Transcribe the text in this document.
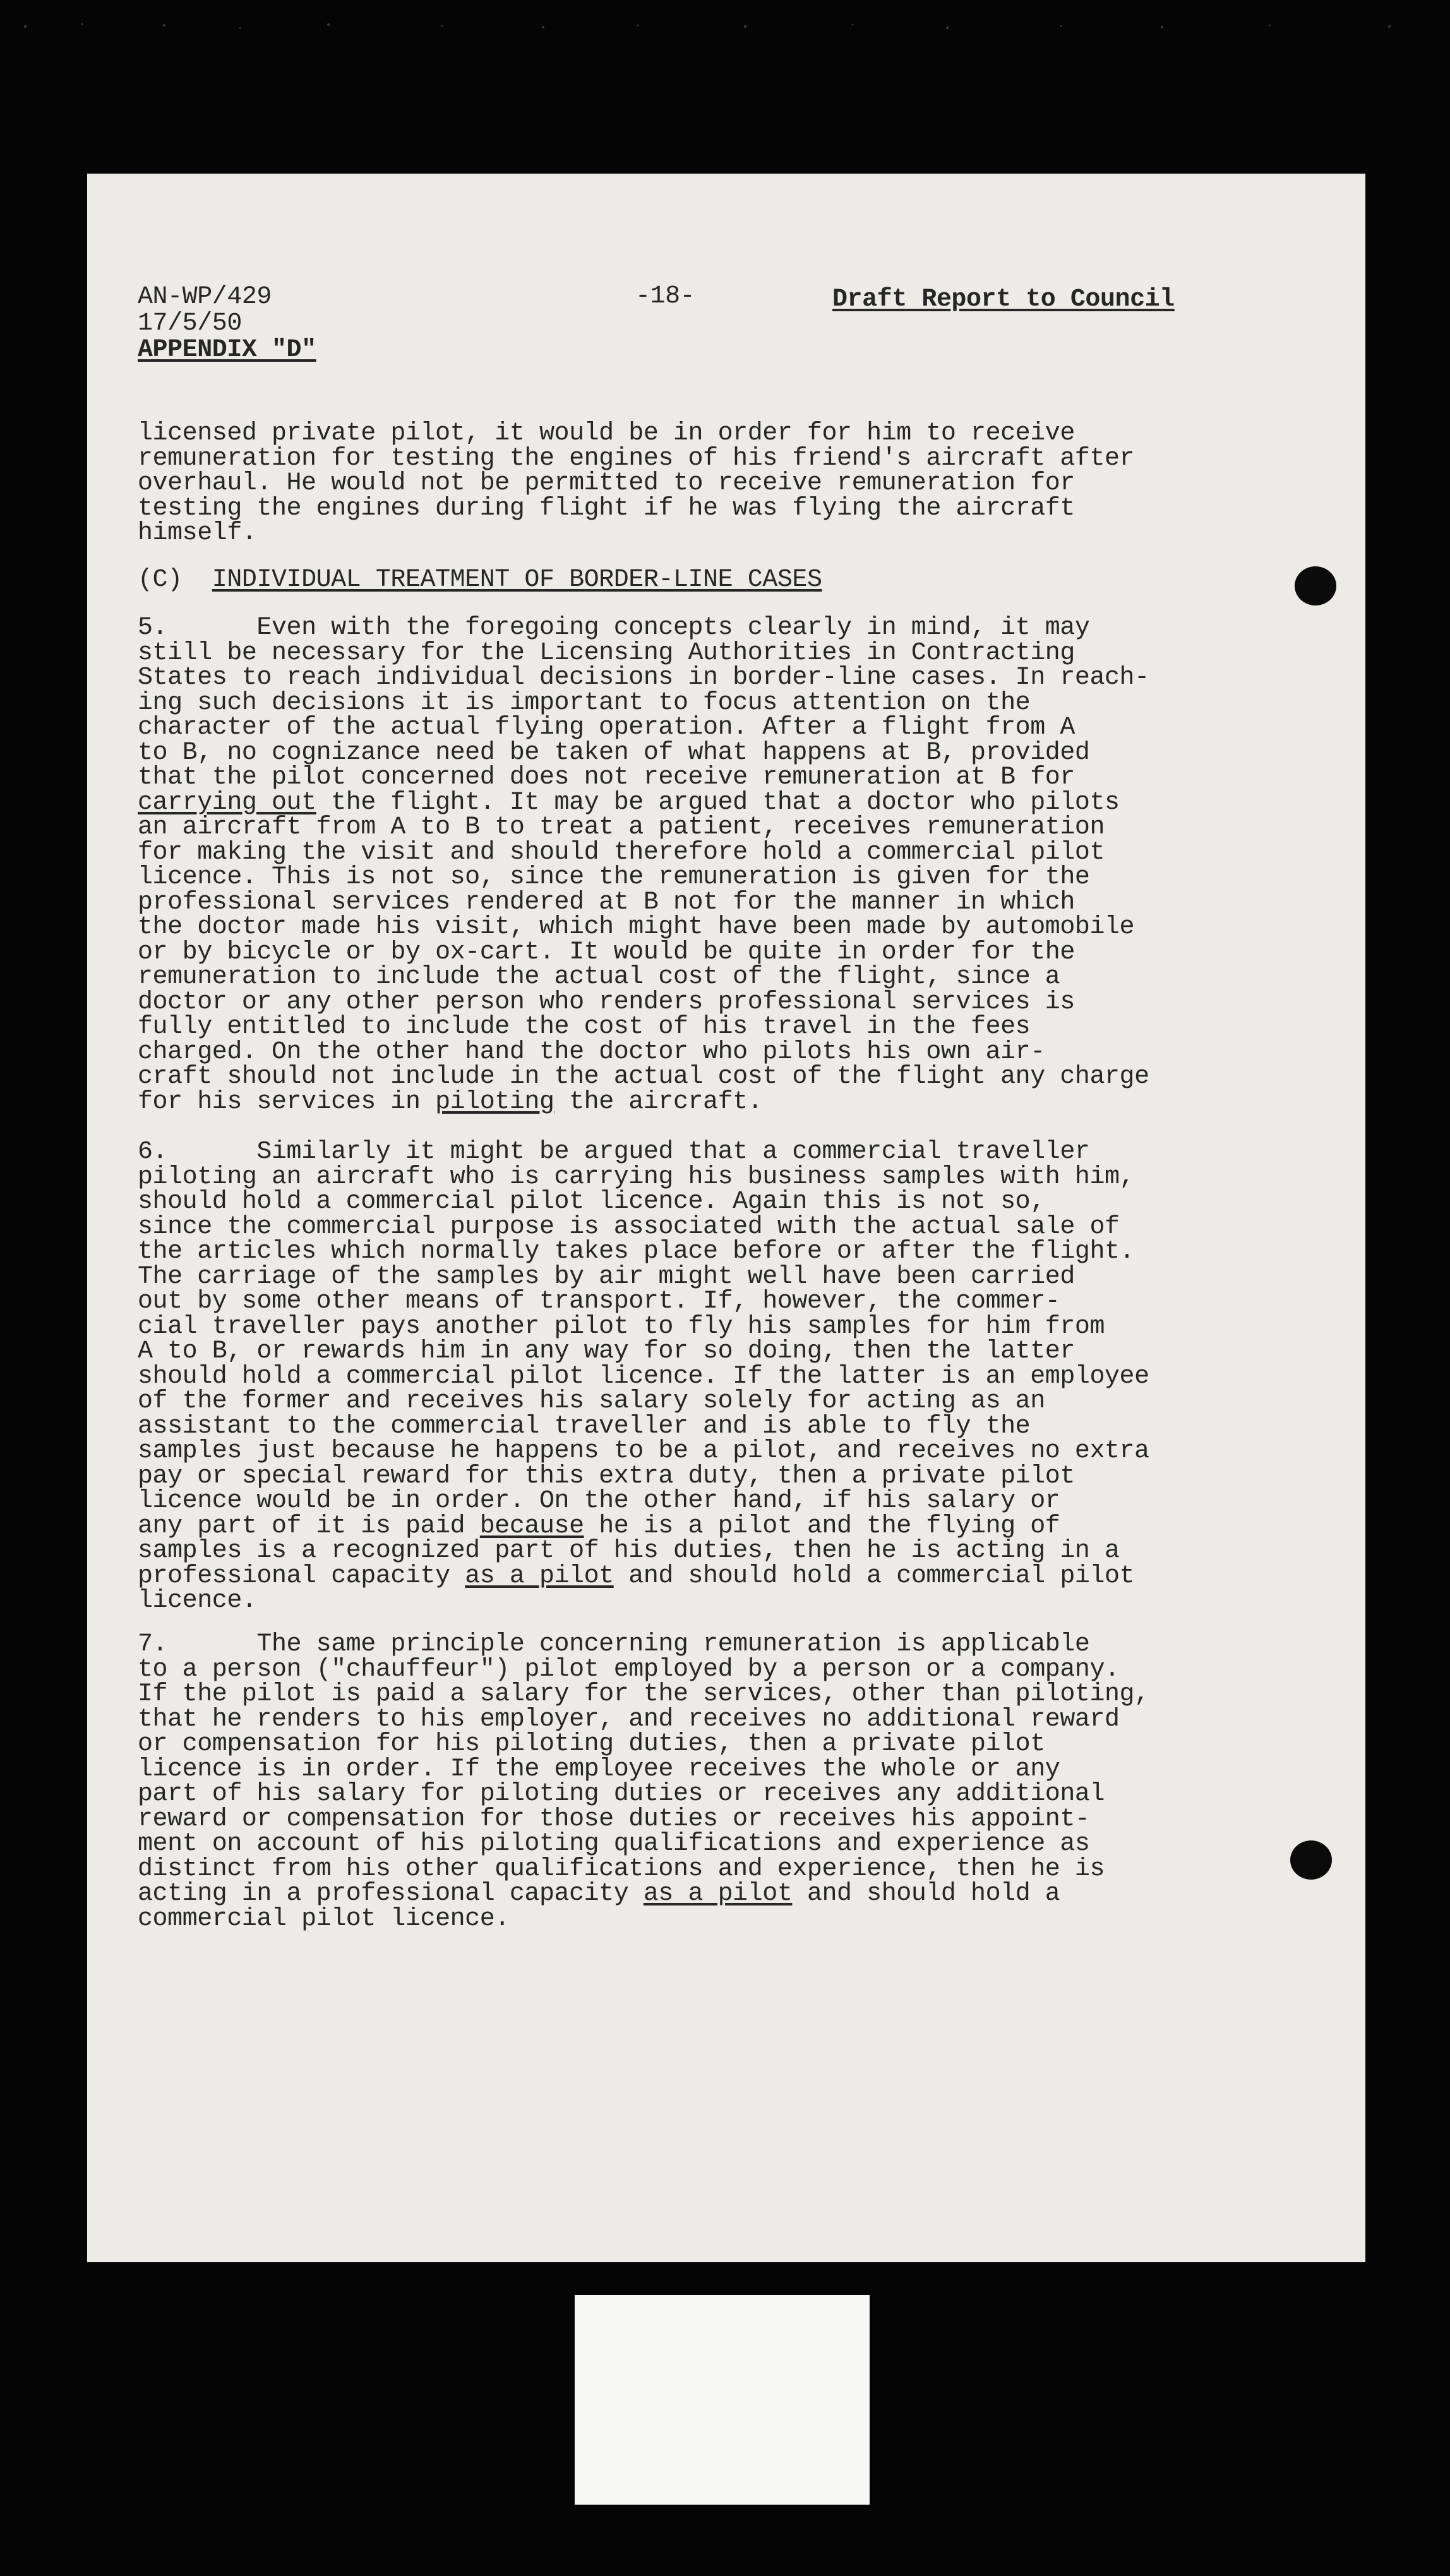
AN-WP/429
17/5/50
APPENDIX "D"
-18-	Draft Report to Council
licensed private pilot, it would be in order for him to receive
remuneration for testing the engines of his friend's aircraft after
overhaul. He would not be permitted to receive remuneration for
testing the engines during flight if he was flying the aircraft
himself.
(C) INDIVIDUAL TREATMENT OF BORDER-LINE CASES
5.      Even with the foregoing concepts clearly in mind, it may
still be necessary for the Licensing Authorities in Contracting
States to reach individual decisions in border-line cases. In reach-
ing such decisions it is important to focus attention on the
character of the actual flying operation. After a flight from A
to B, no cognizance need be taken of what happens at B, provided
that the pilot concerned does not receive remuneration at B for
carrying out the flight. It may be argued that a doctor who pilots
an aircraft from A to B to treat a patient, receives remuneration
for making the visit and should therefore hold a commercial pilot
licence. This is not so, since the remuneration is given for the
professional services rendered at B not for the manner in which
the doctor made his visit, which might have been made by automobile
or by bicycle or by ox-cart. It would be quite in order for the
remuneration to include the actual cost of the flight, since a
doctor or any other person who renders professional services is
fully entitled to include the cost of his travel in the fees
charged. On the other hand the doctor who pilots his own air-
craft should not include in the actual cost of the flight any charge
for his services in piloting the aircraft.
6.      Similarly it might be argued that a commercial traveller
piloting an aircraft who is carrying his business samples with him,
should hold a commercial pilot licence. Again this is not so,
since the commercial purpose is associated with the actual sale of
the articles which normally takes place before or after the flight.
The carriage of the samples by air might well have been carried
out by some other means of transport. If, however, the commer-
cial traveller pays another pilot to fly his samples for him from
A to B, or rewards him in any way for so doing, then the latter
should hold a commercial pilot licence. If the latter is an employee
of the former and receives his salary solely for acting as an
assistant to the commercial traveller and is able to fly the
samples just because he happens to be a pilot, and receives no extra
pay or special reward for this extra duty, then a private pilot
licence would be in order. On the other hand, if his salary or
any part of it is paid because he is a pilot and the flying of
samples is a recognized part of his duties, then he is acting in a
professional capacity as a pilot and should hold a commercial pilot
licence.
7.      The same principle concerning remuneration is applicable
to a person ("chauffeur") pilot employed by a person or a company.
If the pilot is paid a salary for the services, other than piloting,
that he renders to his employer, and receives no additional reward
or compensation for his piloting duties, then a private pilot
licence is in order. If the employee receives the whole or any
part of his salary for piloting duties or receives any additional
reward or compensation for those duties or receives his appoint-
ment on account of his piloting qualifications and experience as
distinct from his other qualifications and experience, then he is
acting in a professional capacity as a pilot and should hold a
commercial pilot licence.
